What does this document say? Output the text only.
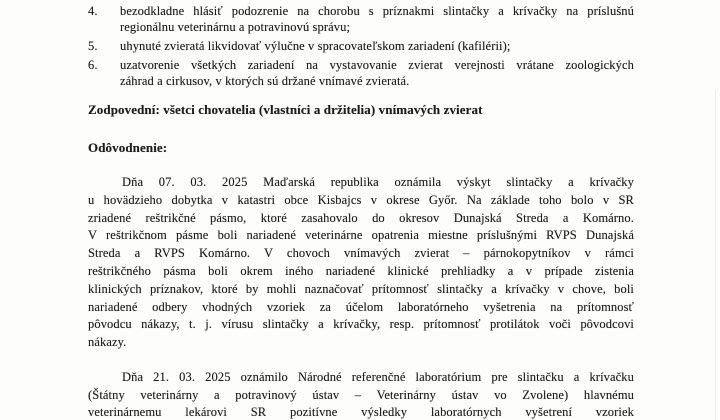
4.	bezodkladne hlásiť podozrenie na chorobu s príznakmi slintačky a krívačky na príslušnú
regionálnu veterinárnu a potravinovú správu;
5.	uhynuté zvieratá likvidovať výlučne v spracovateľskom zariadení (kafilérii);
6.	uzatvorenie všetkých zariadení na vystavovanie zvierat verejnosti vrátane zoologických
záhrad a cirkusov, v ktorých sú držané vnímavé zvieratá.
Zodpovední: všetci chovatelia (vlastníci a držitelia) vnímavých zvierat
Odôvodnenie:
Dňa 07. 03. 2025 Maďarská republika oznámila výskyt slintačky a krívačky
u hovädzieho dobytka v katastri obce Kisbajcs v okrese Győr. Na základe toho bolo v SR
zriadené reštrikčné pásmo, ktoré zasahovalo do okresov Dunajská Streda a Komárno.
V reštrikčnom pásme boli nariadené veterinárne opatrenia miestne príslušnými RVPS Dunajská
Streda a RVPS Komárno. V chovoch vnímavých zvierat – párnokopytníkov v rámci
reštrikčného pásma boli okrem iného nariadené klinické prehliadky a v prípade zistenia
klinických príznakov, ktoré by mohli naznačovať prítomnosť slintačky a krívačky v chove, boli
nariadené odbery vhodných vzoriek za účelom laboratórneho vyšetrenia na prítomnosť
pôvodcu nákazy, t. j. vírusu slintačky a krívačky, resp. prítomnosť protilátok voči pôvodcovi
nákazy.
Dňa 21. 03. 2025 oznámilo Národné referenčné laboratórium pre slintačku a krívačku
(Štátny veterinárny a potravinový ústav – Veterinárny ústav vo Zvolene) hlavnému
veterinárnemu lekárovi SR pozitívne výsledky laboratórnych vyšetrení vzoriek
